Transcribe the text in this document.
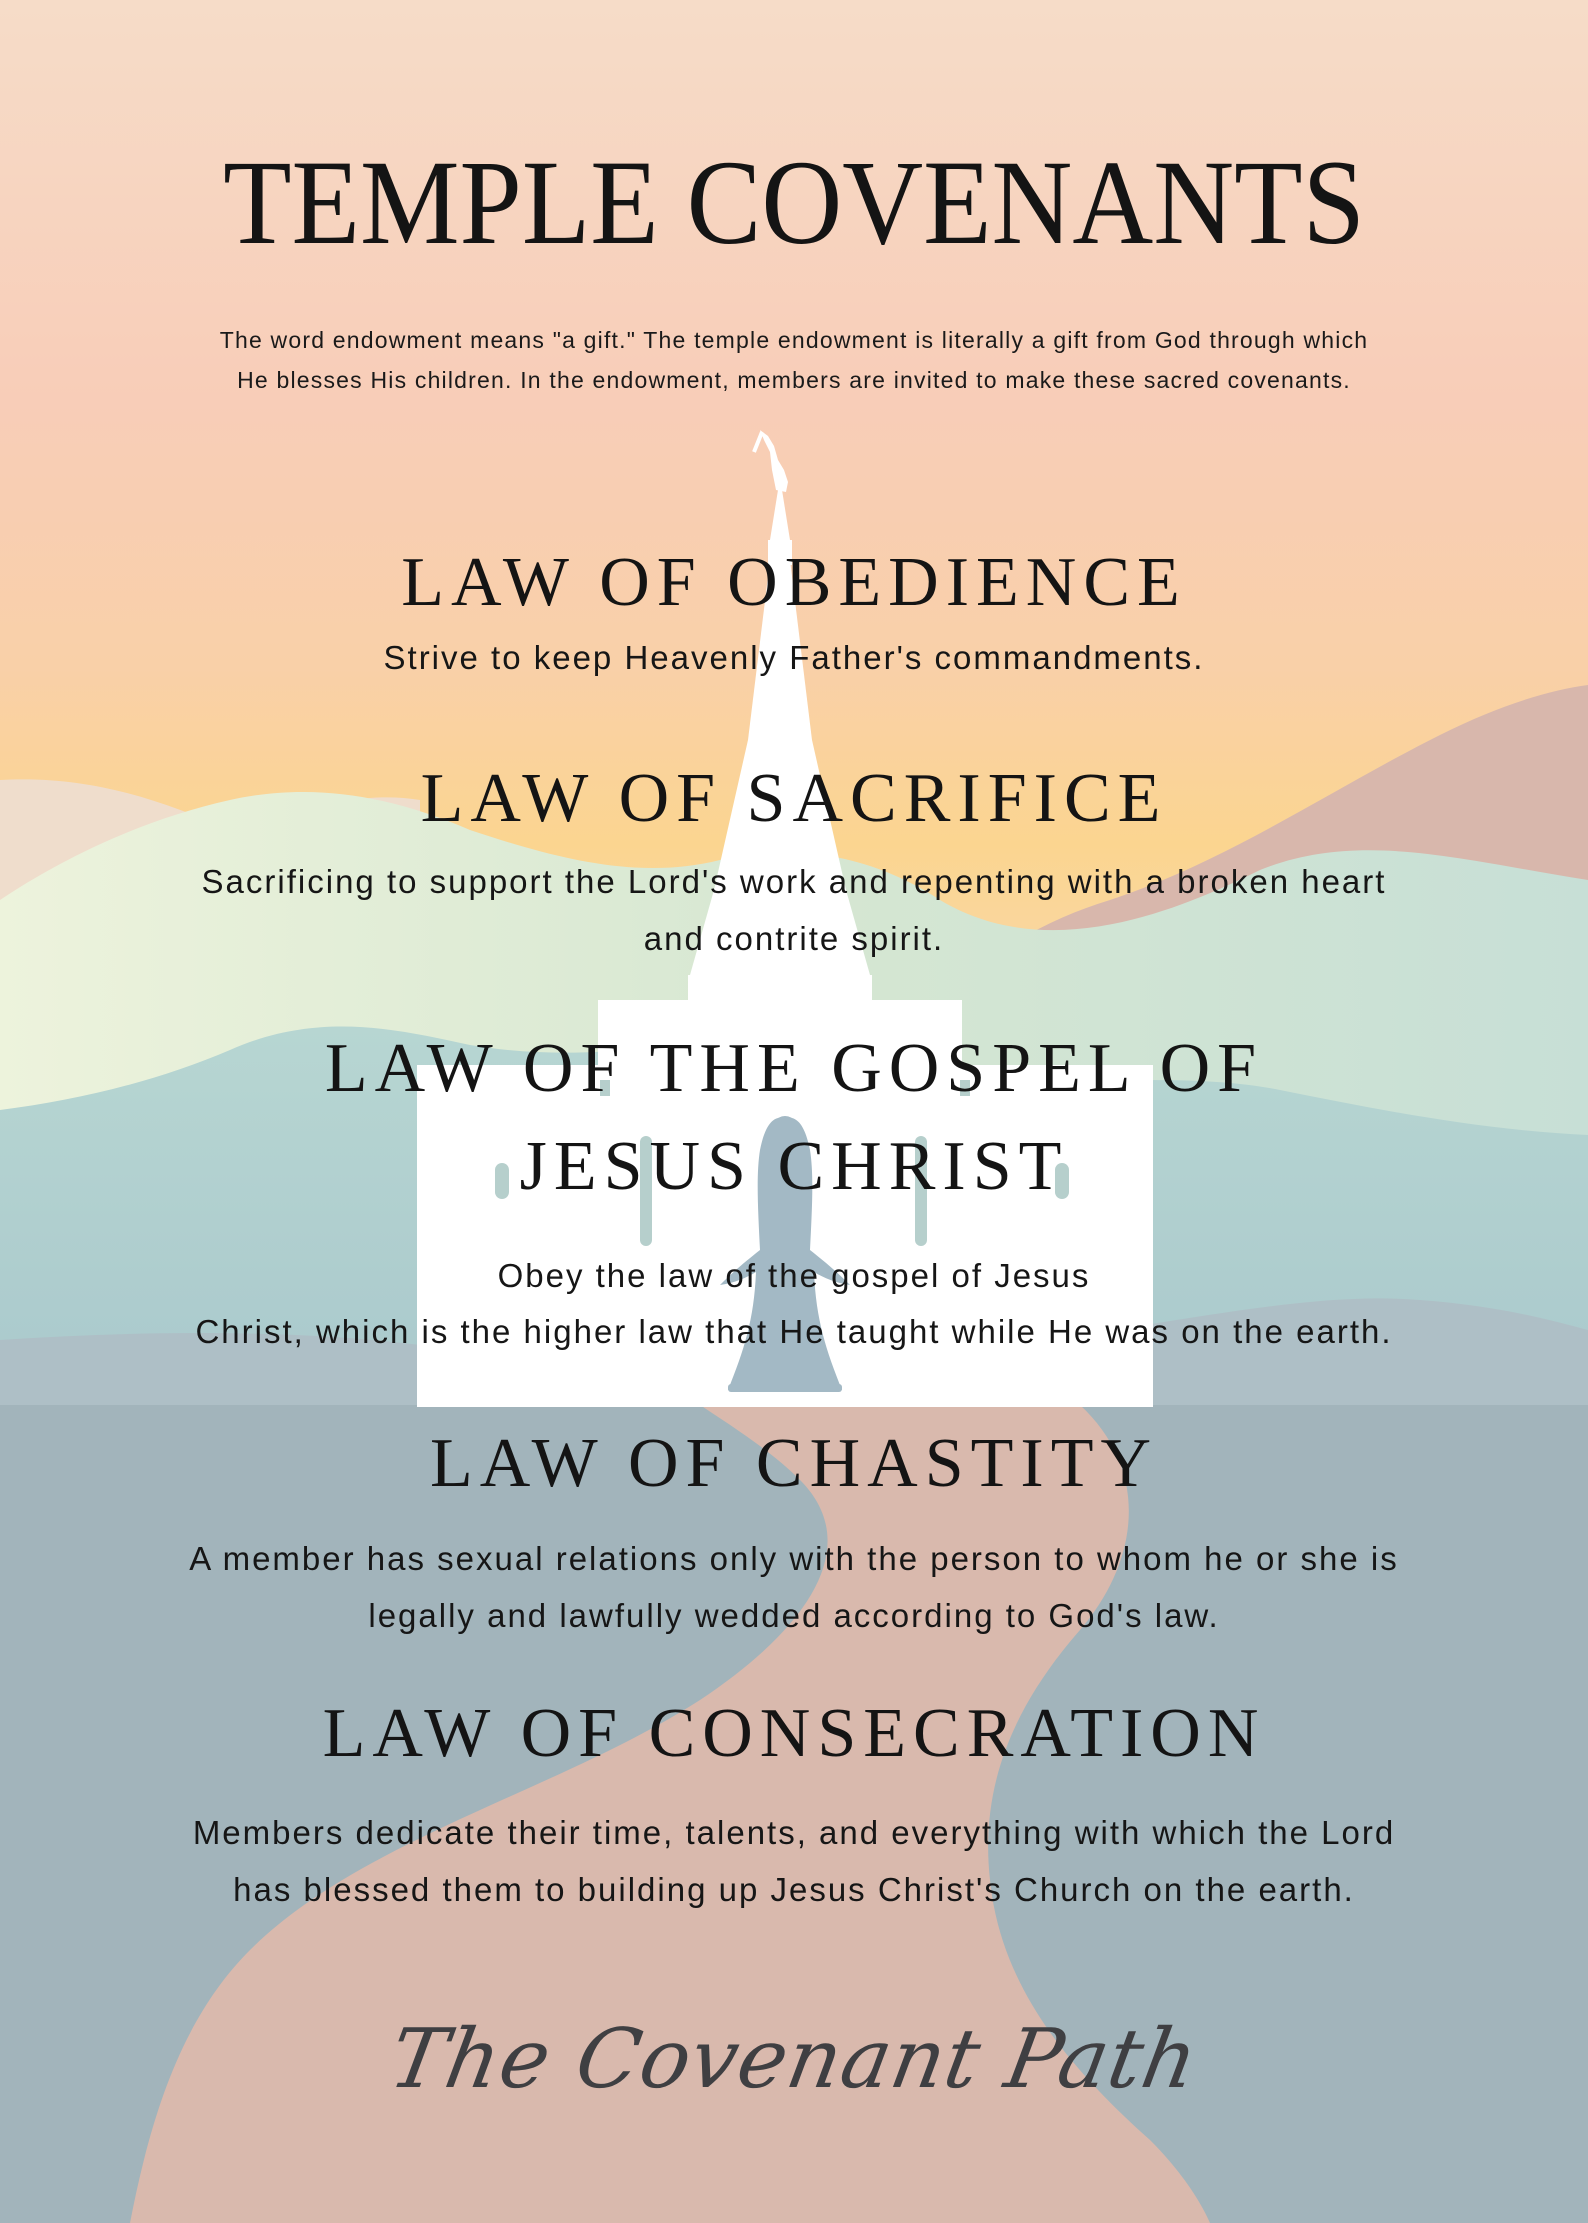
TEMPLE COVENANTS

The word endowment means "a gift." The temple endowment is literally a gift from God through which

He blesses His children. In the endowment, members are invited to make these sacred covenants.

LAW OF OBEDIENCE

Strive to keep Heavenly Father's commandments.

LAW OF SACRIFICE

Sacrificing to support the Lord's work and repenting with a broken heart

and contrite spirit.

LAW OF THE GOSPEL OF
JESUS CHRIST

Obey the law of the gospel of Jesus

Christ, which is the higher law that He taught while He was on the earth.

LAW OF CHASTITY

A member has sexual relations only with the person to whom he or she is

legally and lawfully wedded according to God's law.

LAW OF CONSECRATION

Members dedicate their time, talents, and everything with which the Lord

has blessed them to building up Jesus Christ's Church on the earth.

The Covenant Path
